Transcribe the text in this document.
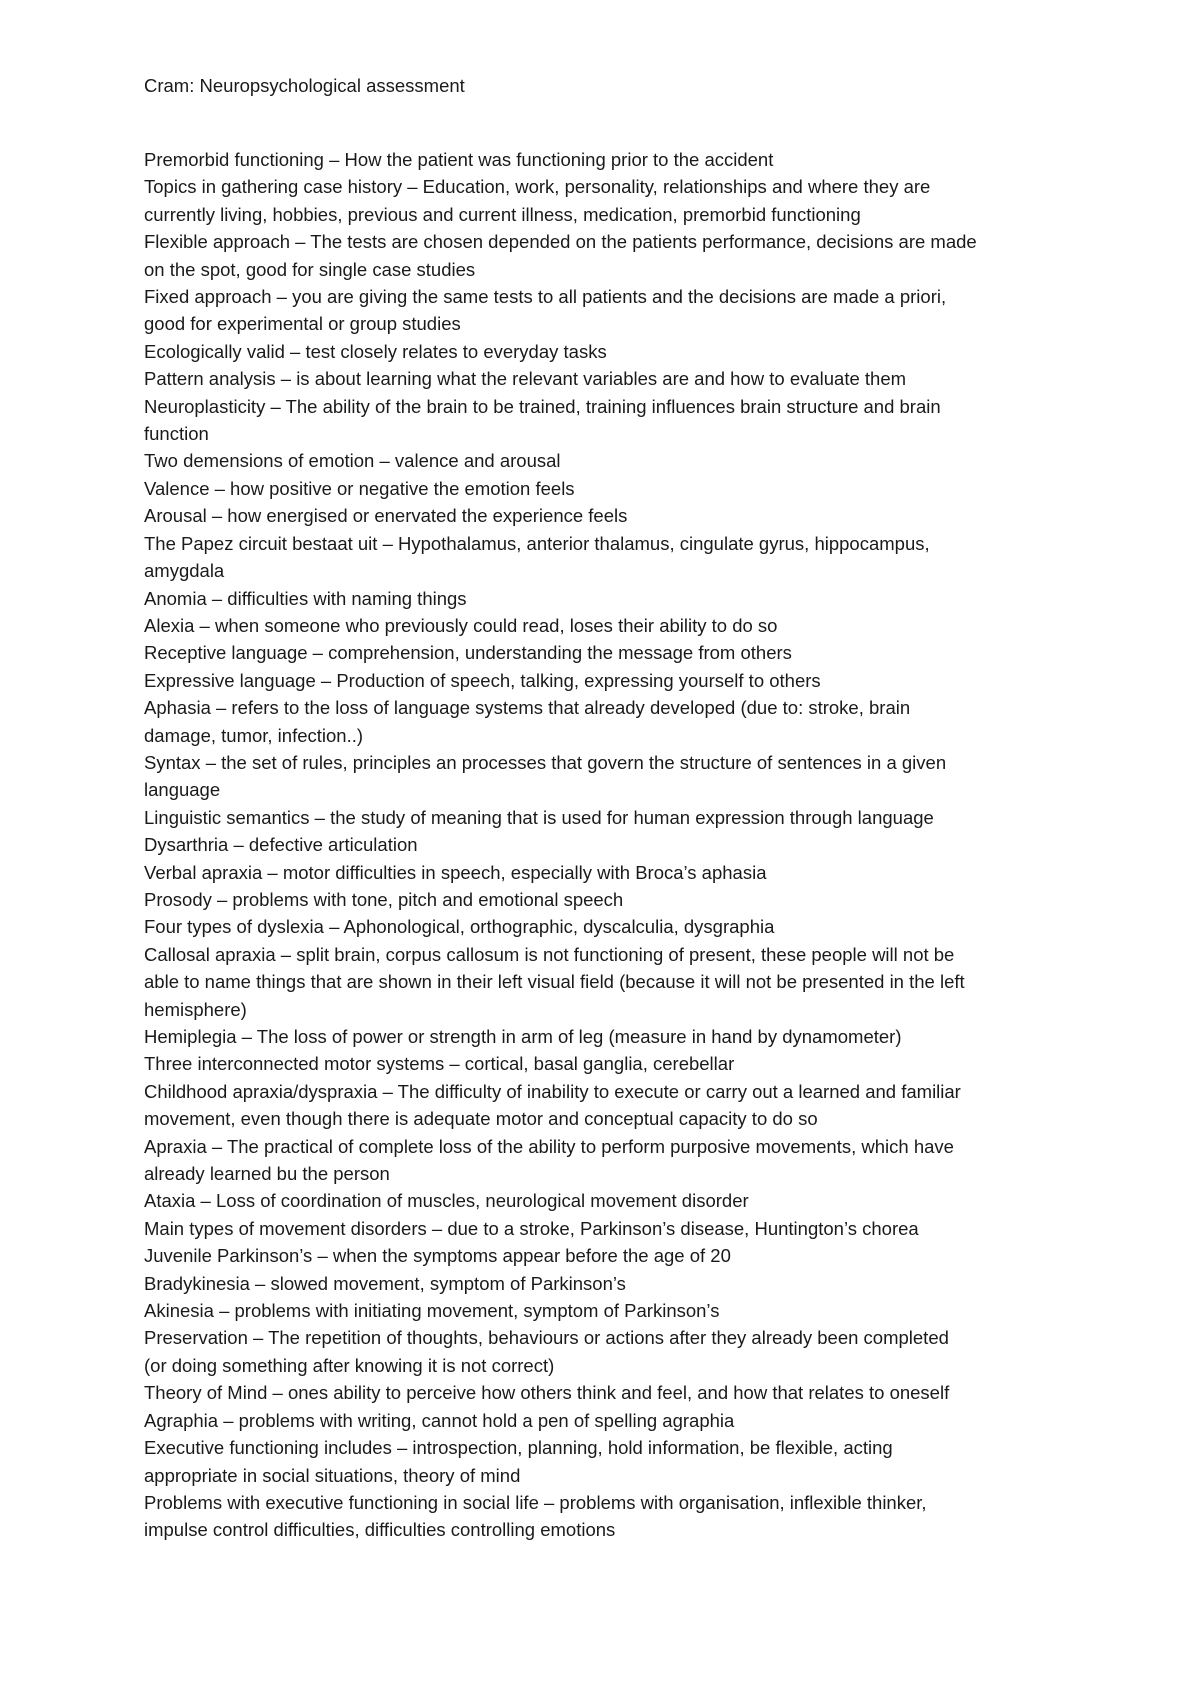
Cram: Neuropsychological assessment
Premorbid functioning – How the patient was functioning prior to the accident
Topics in gathering case history – Education, work, personality, relationships and where they are
currently living, hobbies, previous and current illness, medication, premorbid functioning
Flexible approach – The tests are chosen depended on the patients performance, decisions are made
on the spot, good for single case studies
Fixed approach – you are giving the same tests to all patients and the decisions are made a priori,
good for experimental or group studies
Ecologically valid – test closely relates to everyday tasks
Pattern analysis – is about learning what the relevant variables are and how to evaluate them
Neuroplasticity – The ability of the brain to be trained, training influences brain structure and brain
function
Two demensions of emotion – valence and arousal
Valence – how positive or negative the emotion feels
Arousal – how energised or enervated the experience feels
The Papez circuit bestaat uit – Hypothalamus, anterior thalamus, cingulate gyrus, hippocampus,
amygdala
Anomia – difficulties with naming things
Alexia – when someone who previously could read, loses their ability to do so
Receptive language – comprehension, understanding the message from others
Expressive language – Production of speech, talking, expressing yourself to others
Aphasia – refers to the loss of language systems that already developed (due to: stroke, brain
damage, tumor, infection..)
Syntax – the set of rules, principles an processes that govern the structure of sentences in a given
language
Linguistic semantics – the study of meaning that is used for human expression through language
Dysarthria – defective articulation
Verbal apraxia – motor difficulties in speech, especially with Broca’s aphasia
Prosody – problems with tone, pitch and emotional speech
Four types of dyslexia – Aphonological, orthographic, dyscalculia, dysgraphia
Callosal apraxia – split brain, corpus callosum is not functioning of present, these people will not be
able to name things that are shown in their left visual field (because it will not be presented in the left
hemisphere)
Hemiplegia – The loss of power or strength in arm of leg (measure in hand by dynamometer)
Three interconnected motor systems – cortical, basal ganglia, cerebellar
Childhood apraxia/dyspraxia – The difficulty of inability to execute or carry out a learned and familiar
movement, even though there is adequate motor and conceptual capacity to do so
Apraxia – The practical of complete loss of the ability to perform purposive movements, which have
already learned bu the person
Ataxia – Loss of coordination of muscles, neurological movement disorder
Main types of movement disorders – due to a stroke, Parkinson’s disease, Huntington’s chorea
Juvenile Parkinson’s – when the symptoms appear before the age of 20
Bradykinesia – slowed movement, symptom of Parkinson’s
Akinesia – problems with initiating movement, symptom of Parkinson’s
Preservation – The repetition of thoughts, behaviours or actions after they already been completed
(or doing something after knowing it is not correct)
Theory of Mind – ones ability to perceive how others think and feel, and how that relates to oneself
Agraphia – problems with writing, cannot hold a pen of spelling agraphia
Executive functioning includes – introspection, planning, hold information, be flexible, acting
appropriate in social situations, theory of mind
Problems with executive functioning in social life – problems with organisation, inflexible thinker,
impulse control difficulties, difficulties controlling emotions
